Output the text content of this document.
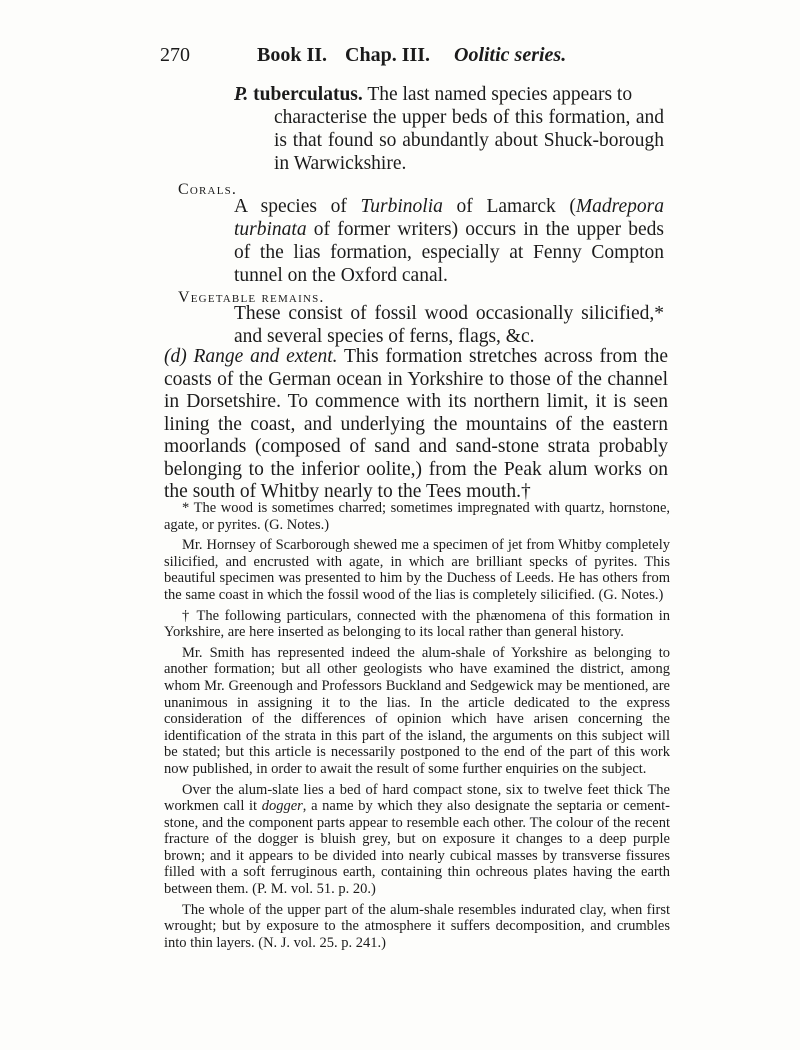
270	Book II. Chap. III. Oolitic series.
P. tuberculatus. The last named species appears to
characterise the upper beds of this formation, and is that found so abundantly about Shuck-borough in Warwickshire.
Corals.
A species of Turbinolia of Lamarck (Madrepora turbinata of former writers) occurs in the upper beds of the lias formation, especially at Fenny Compton tunnel on the Oxford canal.
Vegetable remains.
These consist of fossil wood occasionally silicified,* and several species of ferns, flags, &c.
(d) Range and extent. This formation stretches across from the coasts of the German ocean in Yorkshire to those of the channel in Dorsetshire. To commence with its northern limit, it is seen lining the coast, and underlying the mountains of the eastern moorlands (composed of sand and sand-stone strata probably belonging to the inferior oolite,) from the Peak alum works on the south of Whitby nearly to the Tees mouth.†

* The wood is sometimes charred; sometimes impregnated with quartz, hornstone, agate, or pyrites. (G. Notes.)

Mr. Hornsey of Scarborough shewed me a specimen of jet from Whitby completely silicified, and encrusted with agate, in which are brilliant specks of pyrites. This beautiful specimen was presented to him by the Duchess of Leeds. He has others from the same coast in which the fossil wood of the lias is completely silicified. (G. Notes.)

† The following particulars, connected with the phænomena of this formation in Yorkshire, are here inserted as belonging to its local rather than general history.

Mr. Smith has represented indeed the alum-shale of Yorkshire as belonging to another formation; but all other geologists who have examined the district, among whom Mr. Greenough and Professors Buckland and Sedgewick may be mentioned, are unanimous in assigning it to the lias. In the article dedicated to the express consideration of the differences of opinion which have arisen concerning the identification of the strata in this part of the island, the arguments on this subject will be stated; but this article is necessarily postponed to the end of the part of this work now published, in order to await the result of some further enquiries on the subject.

Over the alum-slate lies a bed of hard compact stone, six to twelve feet thick The workmen call it dogger, a name by which they also designate the septaria or cement-stone, and the component parts appear to resemble each other. The colour of the recent fracture of the dogger is bluish grey, but on exposure it changes to a deep purple brown; and it appears to be divided into nearly cubical masses by transverse fissures filled with a soft ferruginous earth, containing thin ochreous plates having the earth between them. (P. M. vol. 51. p. 20.)

The whole of the upper part of the alum-shale resembles indurated clay, when first wrought; but by exposure to the atmosphere it suffers decomposition, and crumbles into thin layers. (N. J. vol. 25. p. 241.)
